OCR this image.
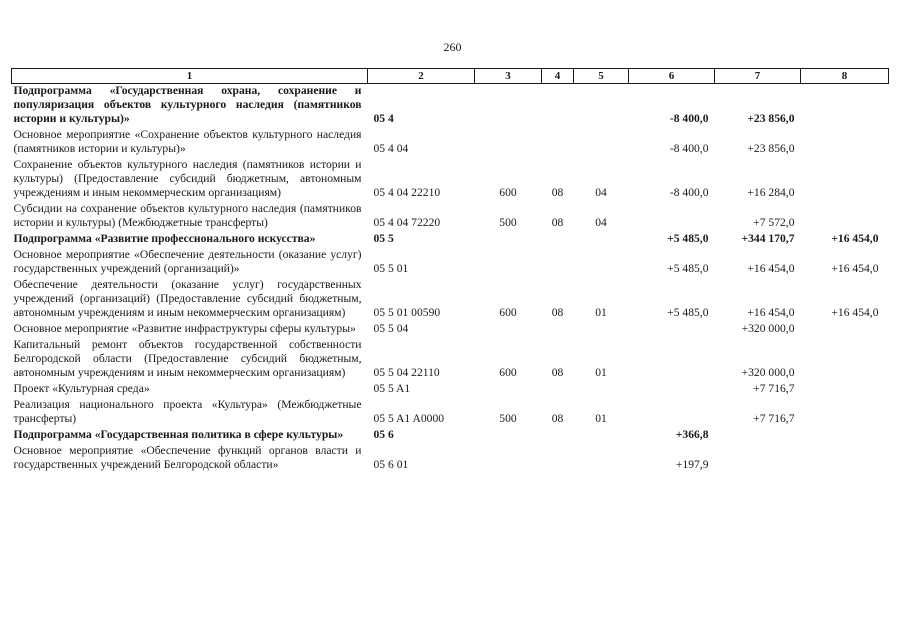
260
1	2	3	4	5	6	7	8
Подпрограмма «Государственная охрана, сохранение и популяризация объектов культурного наследия (памятников истории и культуры)»	05 4				-8 400,0	+23 856,0	
Основное мероприятие «Сохранение объектов культурного наследия (памятников истории и культуры)»	05 4 04				-8 400,0	+23 856,0	
Сохранение объектов культурного наследия (памятников истории и культуры) (Предоставление субсидий бюджетным, автономным учреждениям и иным некоммерческим организациям)	05 4 04 22210	600	08	04	-8 400,0	+16 284,0	
Субсидии на сохранение объектов культурного наследия (памятников истории и культуры) (Межбюджетные трансферты)	05 4 04 72220	500	08	04		+7 572,0	
Подпрограмма «Развитие профессионального искусства»	05 5				+5 485,0	+344 170,7	+16 454,0
Основное мероприятие «Обеспечение деятельности (оказание услуг) государственных учреждений (организаций)»	05 5 01				+5 485,0	+16 454,0	+16 454,0
Обеспечение деятельности (оказание услуг) государственных учреждений (организаций) (Предоставление субсидий бюджетным, автономным учреждениям и иным некоммерческим организациям)	05 5 01 00590	600	08	01	+5 485,0	+16 454,0	+16 454,0
Основное мероприятие «Развитие инфраструктуры сферы культуры»	05 5 04					+320 000,0	
Капитальный ремонт объектов государственной собственности Белгородской области (Предоставление субсидий бюджетным, автономным учреждениям и иным некоммерческим организациям)	05 5 04 22110	600	08	01		+320 000,0	
Проект «Культурная среда»	05 5 A1					+7 716,7	
Реализация национального проекта «Культура» (Межбюджетные трансферты)	05 5 A1 A0000	500	08	01		+7 716,7	
Подпрограмма «Государственная политика в сфере культуры»	05 6				+366,8		
Основное мероприятие «Обеспечение функций органов власти и государственных учреждений Белгородской области»	05 6 01				+197,9		
